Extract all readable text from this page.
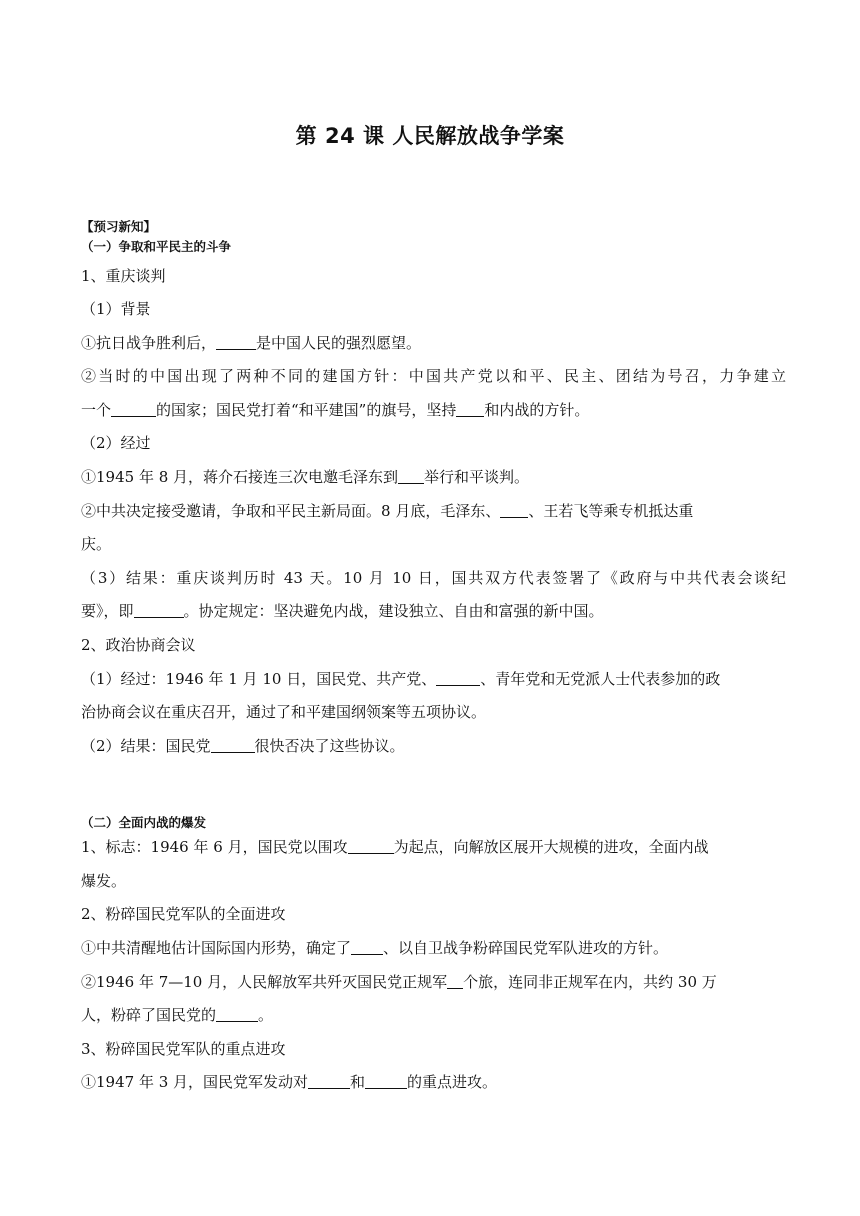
第 24 课 人民解放战争学案
【预习新知】
（一）争取和平民主的斗争
1、重庆谈判
（1）背景
①抗日战争胜利后，	是中国人民的强烈愿望。
②当时的中国出现了两种不同的建国方针：中国共产党以和平、民主、团结为号召，力争建立
一个	的国家；国民党打着“和平建国”的旗号，坚持 和内战的方针。
（2）经过
①1945 年 8 月，蒋介石接连三次电邀毛泽东到 举行和平谈判。
②中共决定接受邀请，争取和平民主新局面。8 月底，毛泽东、 、王若飞等乘专机抵达重
庆。
（3）结果：重庆谈判历时 43 天。10 月 10 日，国共双方代表签署了《政府与中共代表会谈纪
要》，即	。协定规定：坚决避免内战，建设独立、自由和富强的新中国。
2、政治协商会议
（1）经过：1946 年 1 月 10 日，国民党、共产党、	、青年党和无党派人士代表参加的政
治协商会议在重庆召开，通过了和平建国纲领案等五项协议。
（2）结果：国民党	很快否决了这些协议。
（二）全面内战的爆发
1、标志：1946 年 6 月，国民党以围攻	为起点，向解放区展开大规模的进攻，全面内战
爆发。
2、粉碎国民党军队的全面进攻
①中共清醒地估计国际国内形势，确定了 、以自卫战争粉碎国民党军队进攻的方针。
②1946 年 7—10 月，人民解放军共歼灭国民党正规军 个旅，连同非正规军在内，共约 30 万
人，粉碎了国民党的	。
3、粉碎国民党军队的重点进攻
①1947 年 3 月，国民党军发动对	和	的重点进攻。
